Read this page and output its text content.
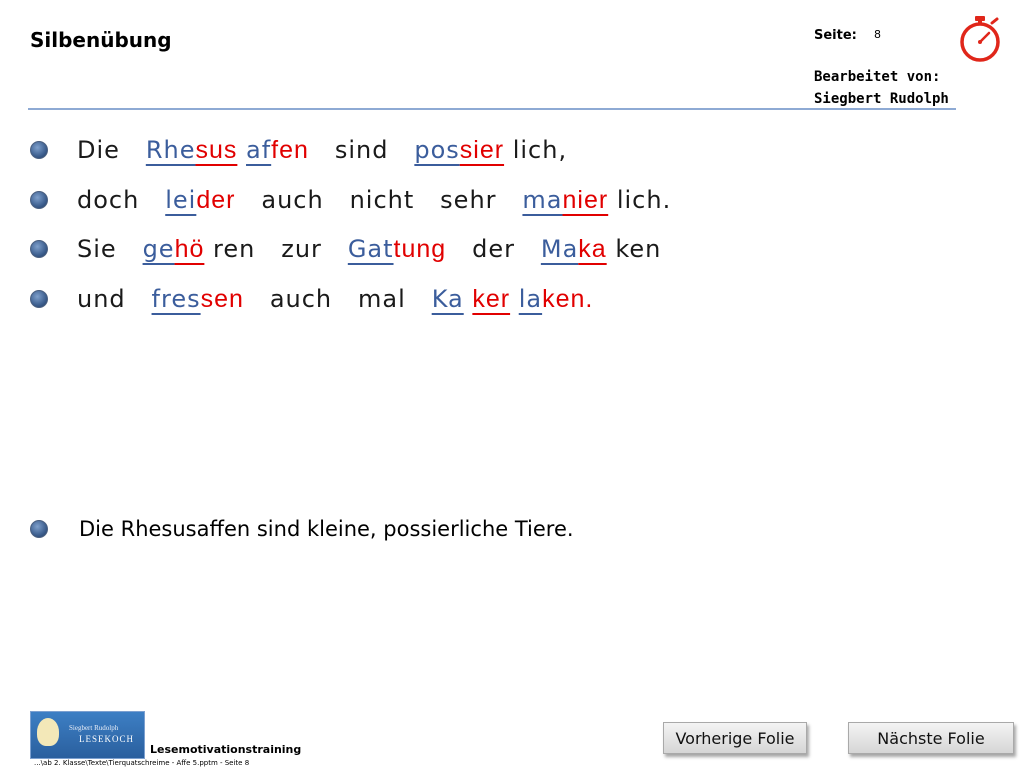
Silbenübung	Seite: 8
Bearbeitet von:
Siegbert Rudolph
Die
Rhe sus
af fen
sind
pos sier
lich,
doch
lei der
auch
nicht
sehr
ma nier
lich.
Sie
ge hö
ren
zur
Gat tung
der
Ma ka
ken
und
fres sen
auch
mal
Ka
ker
la ken.
Die Rhesusaffen sind kleine, possierliche Tiere.
Siegbert Rudolph
LESEKOCH
Lesemotivationstraining
...\ab 2. Klasse\Texte\Tierquatschreime - Affe 5.pptm - Seite 8
Vorherige Folie	Nächste Folie
